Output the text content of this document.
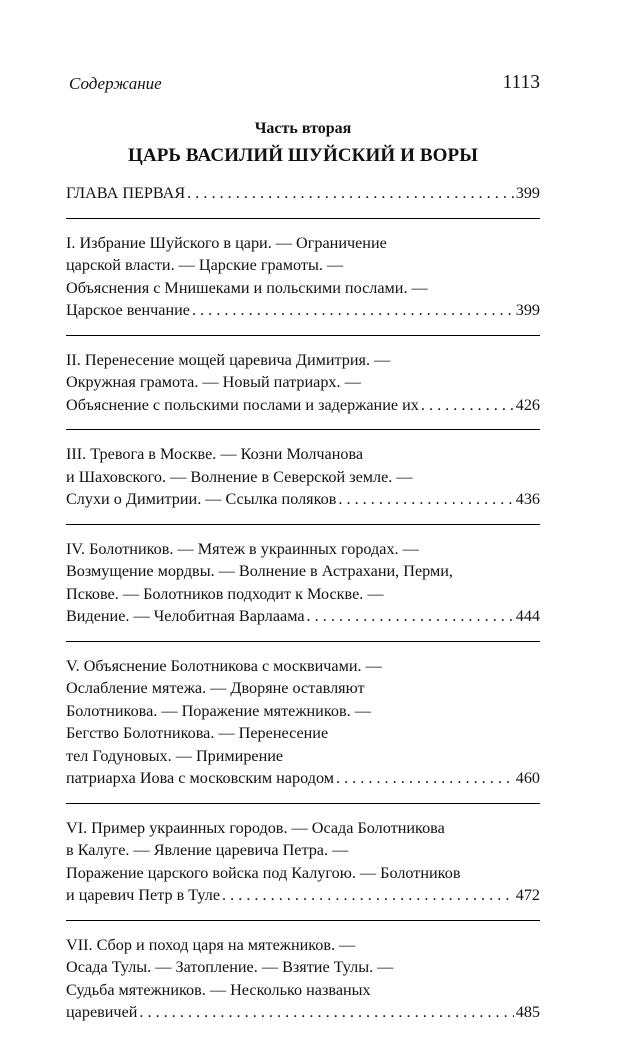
Содержание	1113
Часть вторая
ЦАРЬ ВАСИЛИЙ ШУЙСКИЙ И ВОРЫ
ГЛАВА ПЕРВАЯ . . .	399
I. Избрание Шуйского в цари. — Ограничение
царской власти. — Царские грамоты. —
Объяснения с Мнишеками и польскими послами. —
Царское венчание . . .	399
II. Перенесение мощей царевича Димитрия. —
Окружная грамота. — Новый патриарх. —
Объяснение с польскими послами и задержание их . . .	426
III. Тревога в Москве. — Козни Молчанова
и Шаховского. — Волнение в Северской земле. —
Слухи о Димитрии. — Ссылка поляков . . .	436
IV. Болотников. — Мятеж в украинных городах. —
Возмущение мордвы. — Волнение в Астрахани, Перми,
Пскове. — Болотников подходит к Москве. —
Видение. — Челобитная Варлаама . . .	444
V. Объяснение Болотникова с москвичами. —
Ослабление мятежа. — Дворяне оставляют
Болотникова. — Поражение мятежников. —
Бегство Болотникова. — Перенесение
тел Годуновых. — Примирение
патриарха Иова с московским народом . . .	460
VI. Пример украинных городов. — Осада Болотникова
в Калуге. — Явление царевича Петра. —
Поражение царского войска под Калугою. — Болотников
и царевич Петр в Туле . . .	472
VII. Сбор и поход царя на мятежников. —
Осада Тулы. — Затопление. — Взятие Тулы. —
Судьба мятежников. — Несколько названых
царевичей . . .	485
